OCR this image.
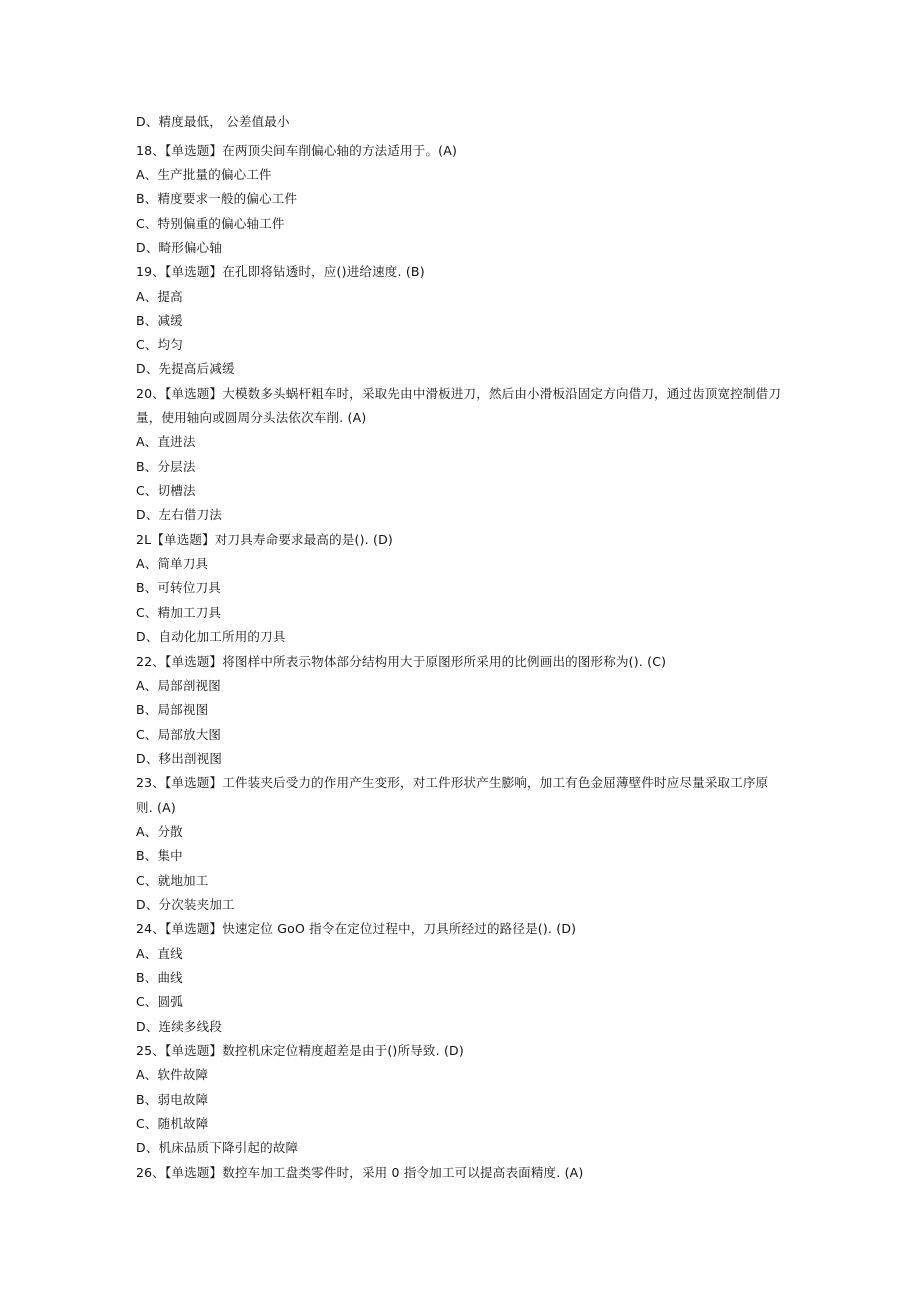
D、精度最低， 公差值最小
18、【单选题】在两顶尖间车削偏心轴的方法适用于。(A)
A、生产批量的偏心工件
B、精度要求一般的偏心工件
C、特别偏重的偏心轴工件
D、畸形偏心轴
19、【单选题】在孔即将钻透时，应()进给速度. (B)
A、提高
B、减缓
C、均匀
D、先提高后减缓
20、【单选题】大模数多头蜗杆粗车时，采取先由中滑板进刀，然后由小滑板沿固定方向借刀，通过齿顶宽控制借刀
量，使用轴向或圆周分头法依次车削. (A)
A、直进法
B、分层法
C、切槽法
D、左右借刀法
2L【单选题】对刀具寿命要求最高的是(). (D)
A、简单刀具
B、可转位刀具
C、精加工刀具
D、自动化加工所用的刀具
22、【单选题】将图样中所表示物体部分结构用大于原图形所采用的比例画出的图形称为(). (C)
A、局部剖视图
B、局部视图
C、局部放大图
D、移出剖视图
23、【单选题】工件装夹后受力的作用产生变形，对工件形状产生膨响，加工有色金屈薄壁件时应尽量采取工序原
则. (A)
A、分散
B、集中
C、就地加工
D、分次装夹加工
24、【单选题】快速定位 GoO 指令在定位过程中，刀具所经过的路径是(). (D)
A、直线
B、曲线
C、圆弧
D、连续多线段
25、【单选题】数控机床定位精度超差是由于()所导致. (D)
A、软件故障
B、弱电故障
C、随机故障
D、机床品质下降引起的故障
26、【单选题】数控车加工盘类零件时，采用 0 指令加工可以提高表面精度. (A)
